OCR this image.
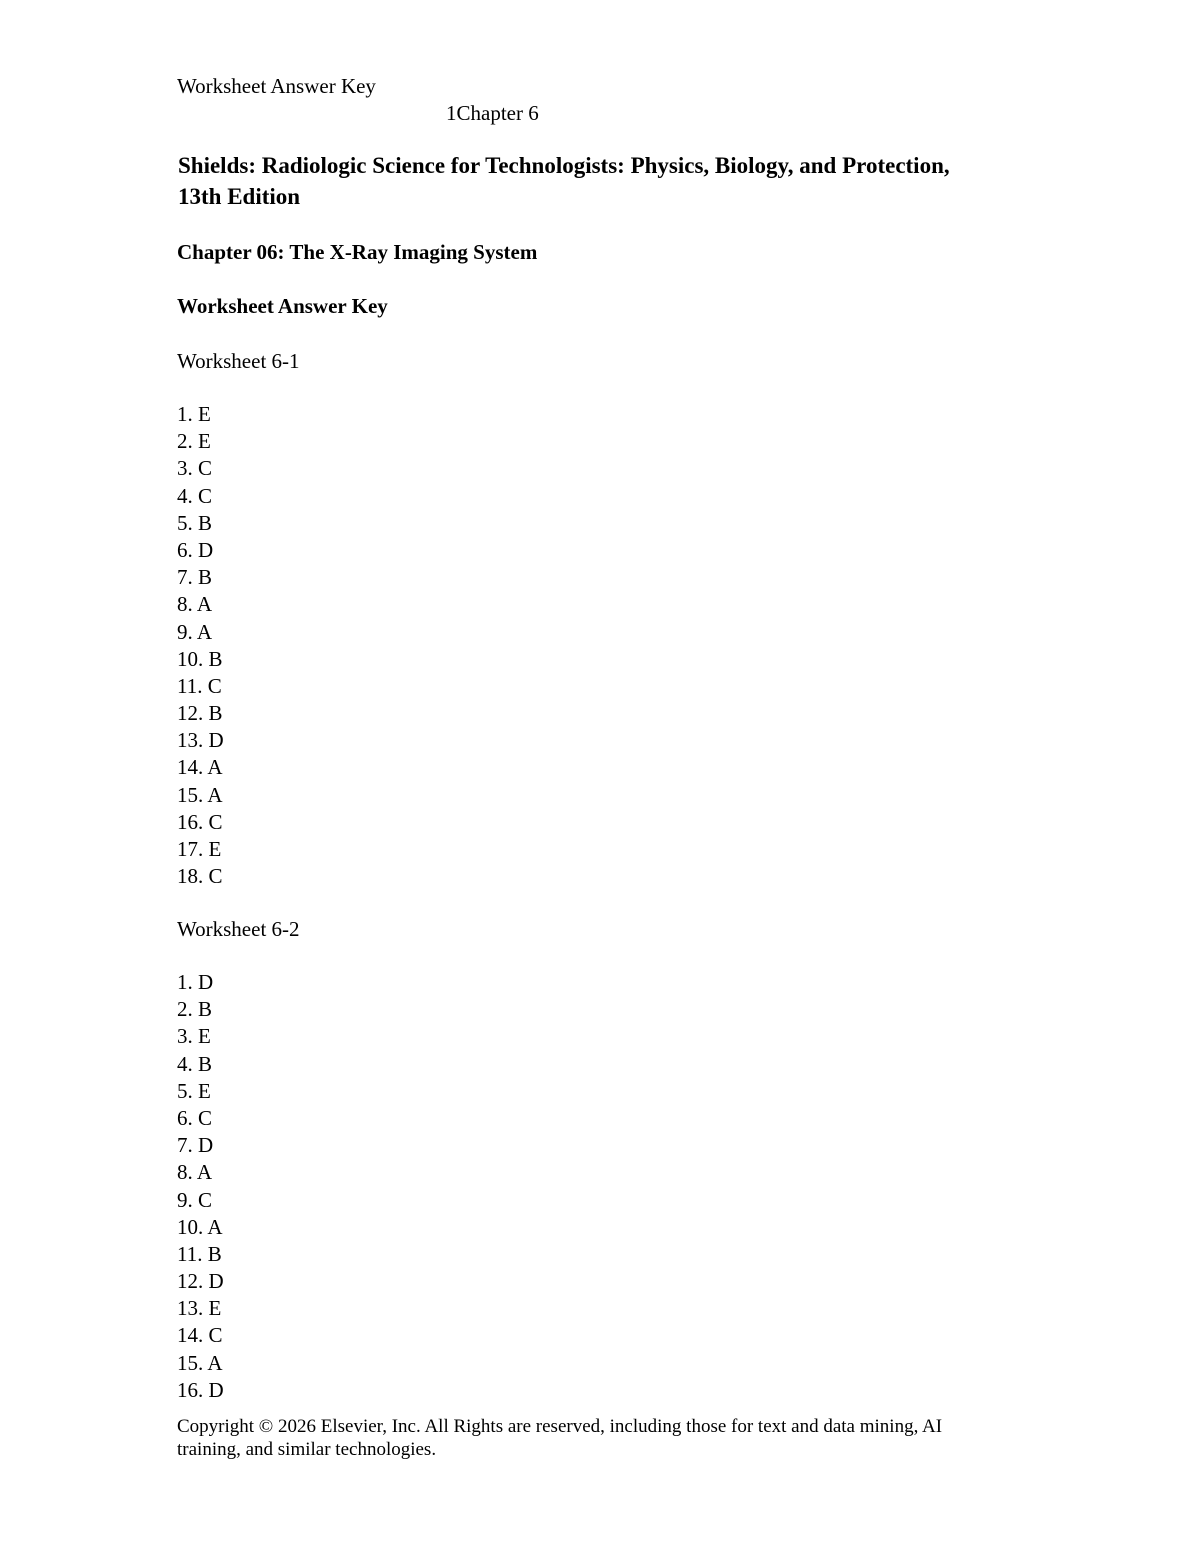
Worksheet Answer Key
1Chapter 6
Shields: Radiologic Science for Technologists: Physics, Biology, and Protection, 13th Edition
Chapter 06: The X-Ray Imaging System
Worksheet Answer Key
Worksheet 6-1
1. E
2. E
3. C
4. C
5. B
6. D
7. B
8. A
9. A
10. B
11. C
12. B
13. D
14. A
15. A
16. C
17. E
18. C
Worksheet 6-2
1. D
2. B
3. E
4. B
5. E
6. C
7. D
8. A
9. C
10. A
11. B
12. D
13. E
14. C
15. A
16. D
Copyright © 2026 Elsevier, Inc. All Rights are reserved, including those for text and data mining, AI training, and similar technologies.
